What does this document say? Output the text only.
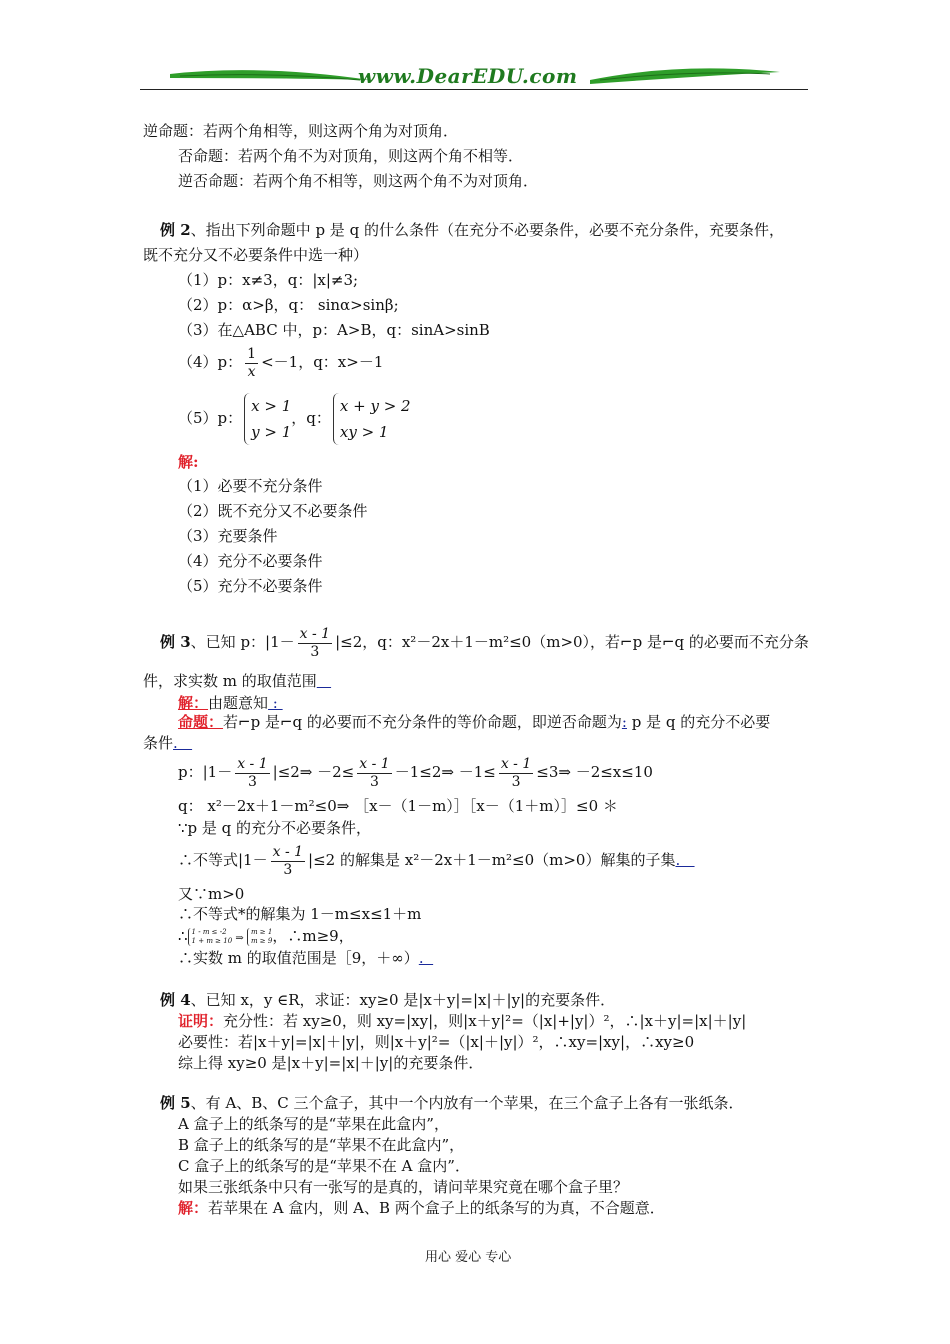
www.DearEDU.com
逆命题：若两个角相等，则这两个角为对顶角．
否命题：若两个角不为对顶角，则这两个角不相等．
逆否命题：若两个角不相等，则这两个角不为对顶角．
例 2、指出下列命题中 p 是 q 的什么条件（在充分不必要条件，必要不充分条件，充要条件，
既不充分又不必要条件中选一种）
（1）p：x≠3，q：|x|≠3;
（2）p：α>β，q： sinα>sinβ;
（3）在△ABC 中，p：A>B，q：sinA>sinB
（4）p： $\frac{1}{x} <-1$，q：x>－1
（5）p：
x > 1
y > 1
，q：
x + y > 2
xy > 1
解:
（1）必要不充分条件
（2）既不充分又不必要条件
（3）充要条件
（4）充分不必要条件
（5）充分不必要条件
例 3、已知 p：$|1- \frac{x - 1}{3} |\le 2$，q：x²－2x＋1－m²≤0（m>0），若⌐p 是⌐q 的必要而不充分条
件，求实数 m 的取值范围
解：由题意知 :
命题：若⌐p 是⌐q 的必要而不充分条件的等价命题，即逆否命题为: p 是 q 的充分不必要
条件.
p：$|1- \frac{x - 1}{3}$ |≤2⇒ $-2\le \frac{x - 1}{3}$ －1≤2⇒ $-1\le \frac{x - 1}{3}$ ≤3⇒ －2≤x≤10
q： x²－2x＋1－m²≤0⇒ ［x－（1－m）］［x－（1＋m）］≤0 ＊
∵p 是 q 的充分不必要条件，
∴不等式$|1- \frac{x - 1}{3} |\le 2$ 的解集是 x²－2x＋1－m²≤0（m>0）解集的子集.
又∵m>0
∴不等式*的解集为 1－m≤x≤1＋m
∴ 1 - m ≤ -2
1 + m ≥ 10 ⇒
m ≥ 1
m ≥ 9 ，∴m≥9，
∴实数 m 的取值范围是［9，＋∞）.
例 4、已知 x，y ∈R，求证：xy≥0 是|x＋y|=|x|＋|y|的充要条件．
证明：充分性：若 xy≥0，则 xy=|xy|，则|x＋y|²=（|x|+|y|）²，∴|x＋y|=|x|＋|y|
必要性：若|x＋y|=|x|＋|y|，则|x＋y|²=（|x|＋|y|）²，∴xy=|xy|，∴xy≥0
综上得 xy≥0 是|x＋y|=|x|＋|y|的充要条件．
例 5、有 A、B、C 三个盒子，其中一个内放有一个苹果，在三个盒子上各有一张纸条．
A 盒子上的纸条写的是“苹果在此盒内”，
B 盒子上的纸条写的是“苹果不在此盒内”，
C 盒子上的纸条写的是“苹果不在 A 盒内”．
如果三张纸条中只有一张写的是真的，请问苹果究竟在哪个盒子里？
解：若苹果在 A 盒内，则 A、B 两个盒子上的纸条写的为真，不合题意．
用心 爱心 专心
